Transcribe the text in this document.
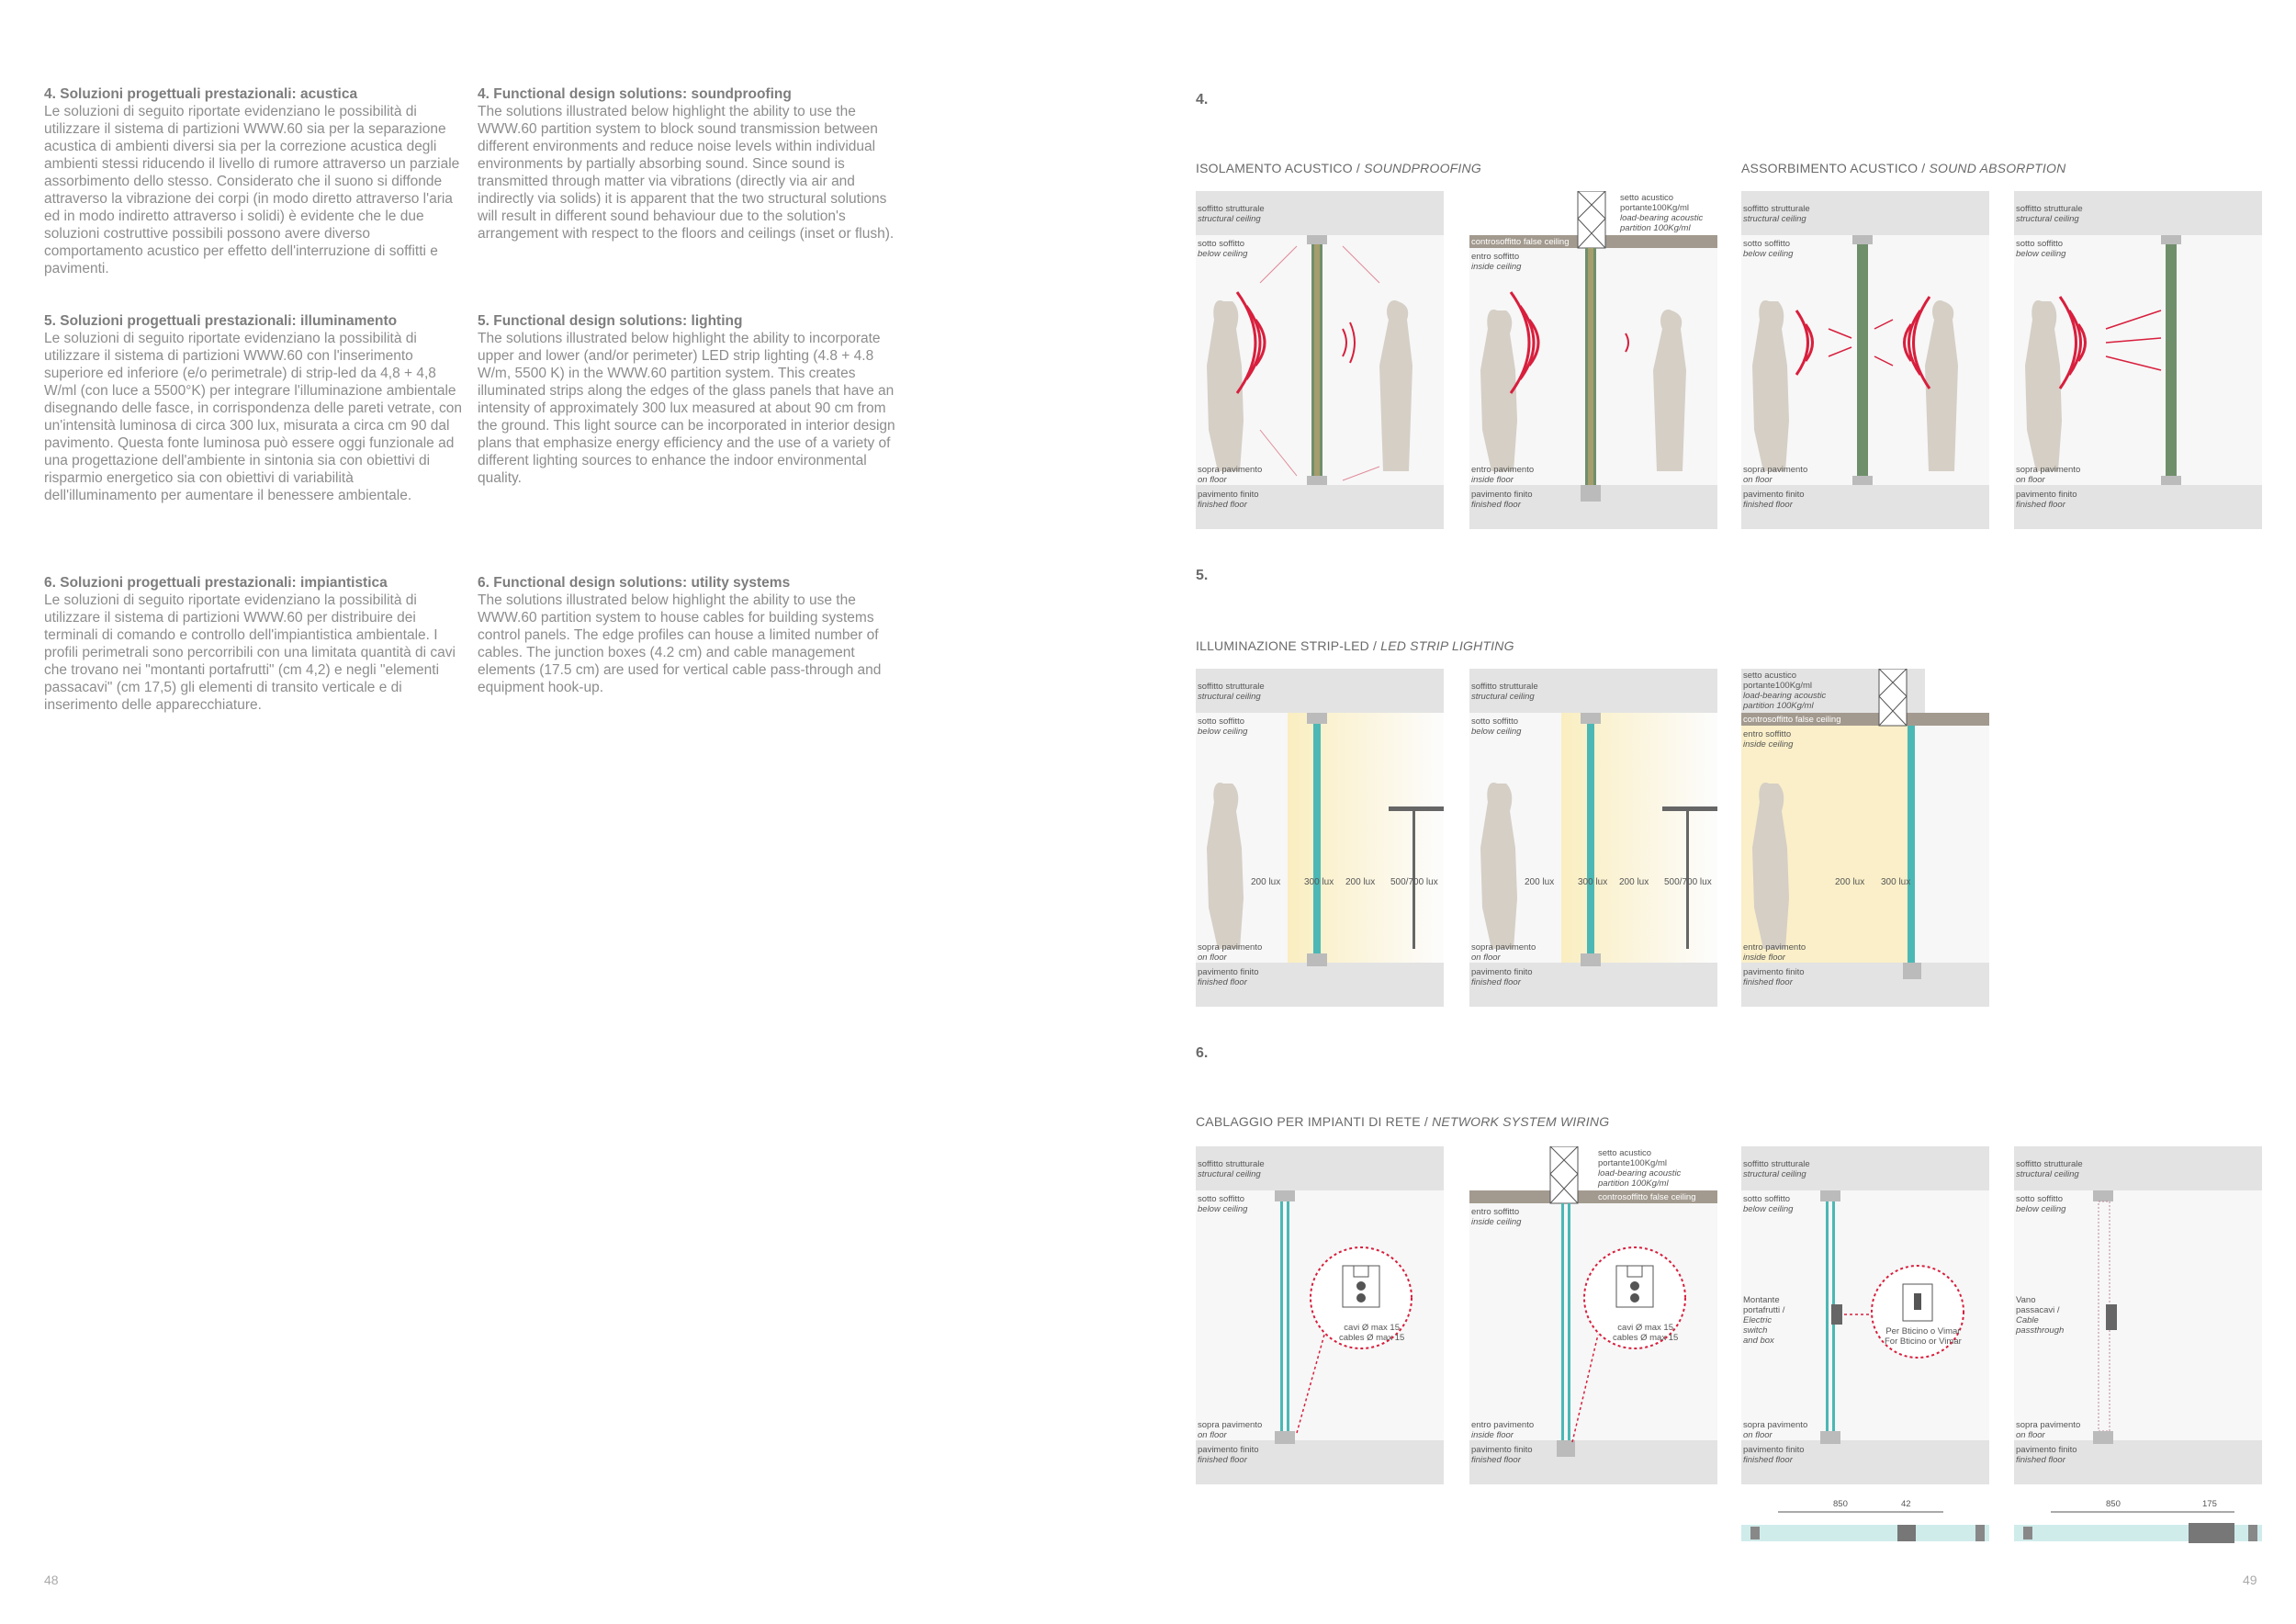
4. Soluzioni progettuali prestazionali: acustica
Le soluzioni di seguito riportate evidenziano le possibilità di utilizzare il sistema di partizioni WWW.60 sia per la separazione acustica di ambienti diversi sia per la correzione acustica degli ambienti stessi riducendo il livello di rumore attraverso un parziale assorbimento dello stesso. Considerato che il suono si diffonde attraverso la vibrazione dei corpi (in modo diretto attraverso l'aria ed in modo indiretto attraverso i solidi) è evidente che le due soluzioni costruttive possibili possono avere diverso comportamento acustico per effetto dell'interruzione di soffitti e pavimenti.
4. Functional design solutions: soundproofing
The solutions illustrated below highlight the ability to use the WWW.60 partition system to block sound transmission between different environments and reduce noise levels within individual environments by partially absorbing sound. Since sound is transmitted through matter via vibrations (directly via air and indirectly via solids) it is apparent that the two structural solutions will result in different sound behaviour due to the solution's arrangement with respect to the floors and ceilings (inset or flush).
5. Soluzioni progettuali prestazionali: illuminamento
Le soluzioni di seguito riportate evidenziano la possibilità di utilizzare il sistema di partizioni WWW.60 con l'inserimento superiore ed inferiore (e/o perimetrale) di strip-led da 4,8 + 4,8 W/ml (con luce a 5500°K) per integrare l'illuminazione ambientale disegnando delle fasce, in corrispondenza delle pareti vetrate, con un'intensità luminosa di circa 300 lux, misurata a circa cm 90 dal pavimento. Questa fonte luminosa può essere oggi funzionale ad una progettazione dell'ambiente in sintonia sia con obiettivi di risparmio energetico sia con obiettivi di variabilità dell'illuminamento per aumentare il benessere ambientale.
5. Functional design solutions: lighting
The solutions illustrated below highlight the ability to incorporate upper and lower (and/or perimeter) LED strip lighting (4.8 + 4.8 W/m, 5500 K) in the WWW.60 partition system. This creates illuminated strips along the edges of the glass panels that have an intensity of approximately 300 lux measured at about 90 cm from the ground. This light source can be incorporated in interior design plans that emphasize energy efficiency and the use of a variety of different lighting sources to enhance the indoor environmental quality.
6. Soluzioni progettuali prestazionali: impiantistica
Le soluzioni di seguito riportate evidenziano la possibilità di utilizzare il sistema di partizioni WWW.60 per distribuire dei terminali di comando e controllo dell'impiantistica ambientale. I profili perimetrali sono percorribili con una limitata quantità di cavi che trovano nei "montanti portafrutti" (cm 4,2) e negli "elementi passacavi" (cm 17,5) gli elementi di transito verticale e di inserimento delle apparecchiature.
6. Functional design solutions: utility systems
The solutions illustrated below highlight the ability to use the WWW.60 partition system to house cables for building systems control panels. The edge profiles can house a limited number of cables. The junction boxes (4.2 cm) and cable management elements (17.5 cm) are used for vertical cable pass-through and equipment hook-up.
48	49
4.
ISOLAMENTO ACUSTICO / SOUNDPROOFING	ASSORBIMENTO ACUSTICO / SOUND ABSORPTION
5.
ILLUMINAZIONE STRIP-LED / LED STRIP LIGHTING
6.
CABLAGGIO PER IMPIANTI DI RETE / NETWORK SYSTEM WIRING
soffitto strutturale
structural ceiling
sotto soffitto
below ceiling
sopra pavimento
on floor
pavimento finito
finished floor
setto acustico
portante100Kg/ml
load-bearing acoustic
partition 100Kg/ml
controsoffitto false ceiling
entro soffitto
inside ceiling
entro pavimento
inside floor
pavimento finito
finished floor
soffitto strutturale
structural ceiling
sotto soffitto
below ceiling
sopra pavimento
on floor
pavimento finito
finished floor
soffitto strutturale
structural ceiling
sotto soffitto
below ceiling
sopra pavimento
on floor
pavimento finito
finished floor
soffitto strutturale
structural ceiling
sotto soffitto
below ceiling
200 lux	300 lux 200 lux 500/700 lux
sopra pavimento
on floor
pavimento finito
finished floor
soffitto strutturale
structural ceiling
sotto soffitto
below ceiling
200 lux	300 lux 200 lux 500/700 lux
sopra pavimento
on floor
pavimento finito
finished floor
setto acustico
portante100Kg/ml
load-bearing acoustic
partition 100Kg/ml
controsoffitto false ceiling
entro soffitto
inside ceiling
200 lux 300 lux
entro pavimento
inside floor
pavimento finito
finished floor
soffitto strutturale
structural ceiling
sotto soffitto
below ceiling
cavi Ø max 15
cables Ø max 15
sopra pavimento
on floor
pavimento finito
finished floor
setto acustico
portante100Kg/ml
load-bearing acoustic
partition 100Kg/ml
controsoffitto false ceiling
entro soffitto
inside ceiling
cavi Ø max 15
cables Ø max 15
entro pavimento
inside floor
pavimento finito
finished floor
soffitto strutturale
structural ceiling
sotto soffitto
below ceiling
Montante
portafrutti /
Electric
switch
and box
Per Bticino o Vimar
For Bticino or Vimar
sopra pavimento
on floor
pavimento finito
finished floor
soffitto strutturale
structural ceiling
sotto soffitto
below ceiling
Vano
passacavi /
Cable
passthrough
sopra pavimento
on floor
pavimento finito
finished floor
850	42	850	175
